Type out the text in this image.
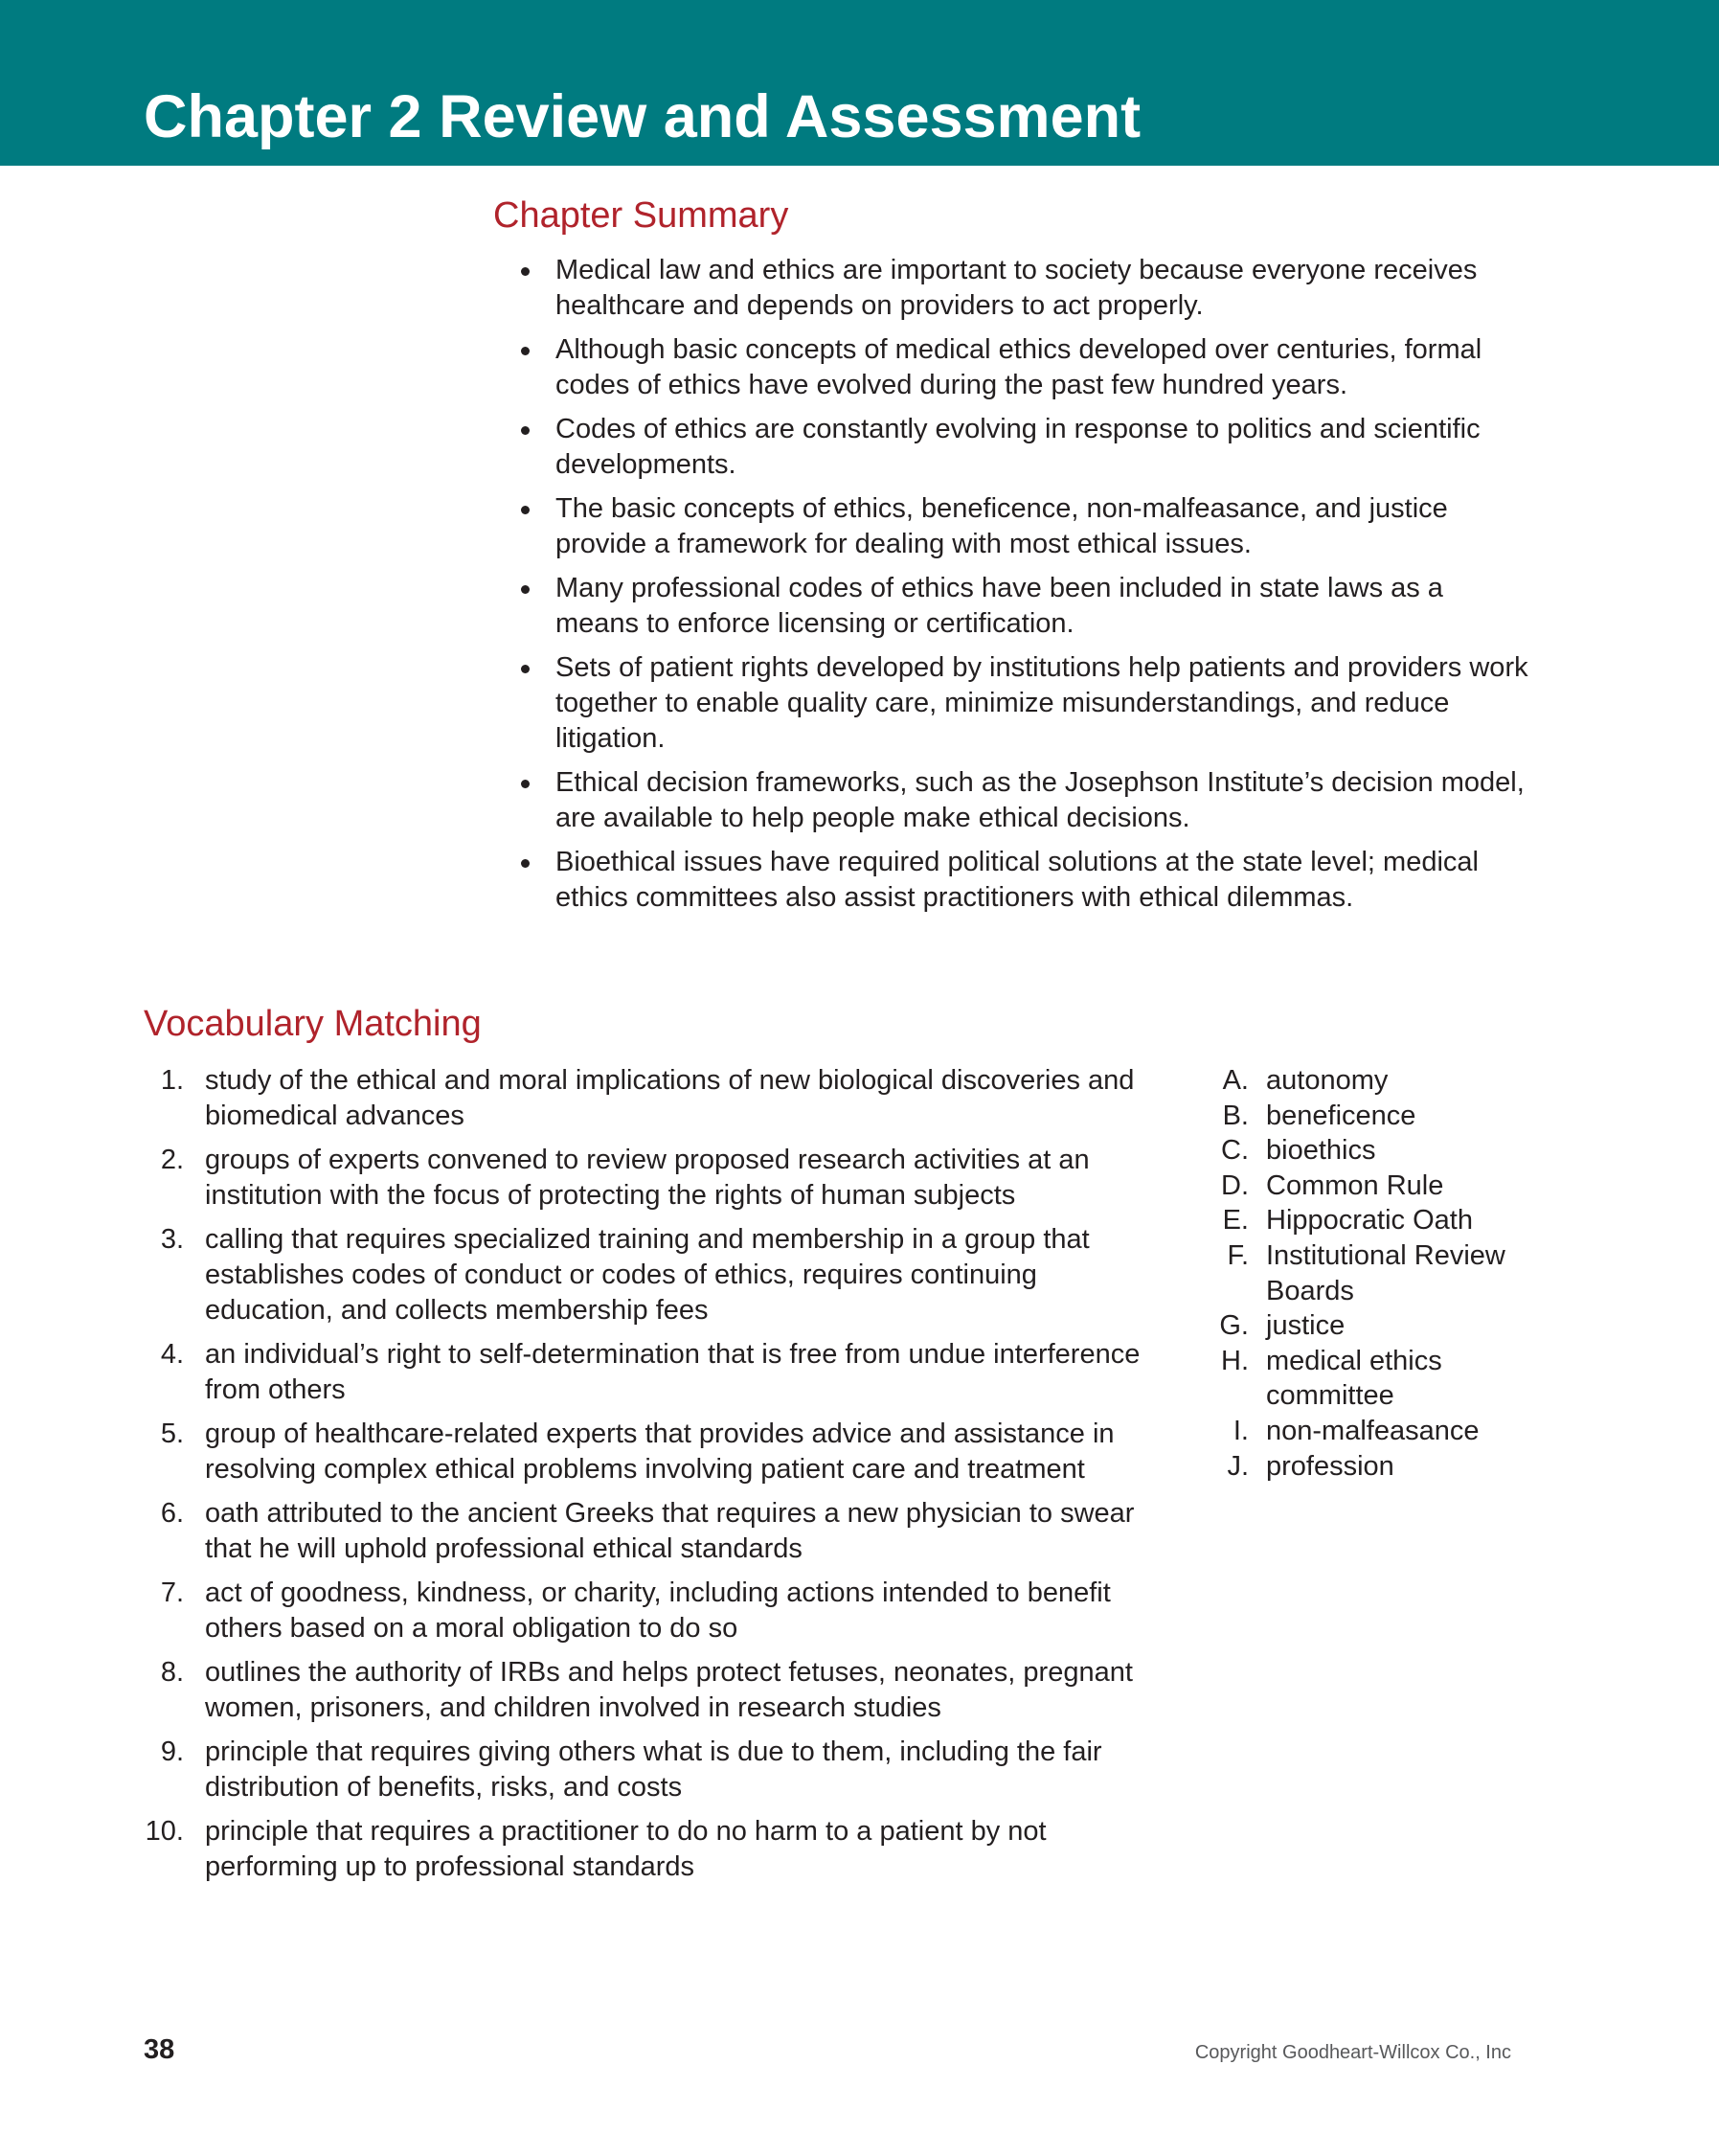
Chapter 2 Review and Assessment
Chapter Summary
Medical law and ethics are important to society because everyone receives healthcare and depends on providers to act properly.
Although basic concepts of medical ethics developed over centuries, formal codes of ethics have evolved during the past few hundred years.
Codes of ethics are constantly evolving in response to politics and scientific developments.
The basic concepts of ethics, beneficence, non-malfeasance, and justice provide a framework for dealing with most ethical issues.
Many professional codes of ethics have been included in state laws as a means to enforce licensing or certification.
Sets of patient rights developed by institutions help patients and providers work together to enable quality care, minimize misunderstandings, and reduce litigation.
Ethical decision frameworks, such as the Josephson Institute’s decision model, are available to help people make ethical decisions.
Bioethical issues have required political solutions at the state level; medical ethics committees also assist practitioners with ethical dilemmas.
Vocabulary Matching
1. study of the ethical and moral implications of new biological discoveries and biomedical advances
2. groups of experts convened to review proposed research activities at an institution with the focus of protecting the rights of human subjects
3. calling that requires specialized training and membership in a group that establishes codes of conduct or codes of ethics, requires continuing education, and collects membership fees
4. an individual’s right to self-determination that is free from undue interference from others
5. group of healthcare-related experts that provides advice and assistance in resolving complex ethical problems involving patient care and treatment
6. oath attributed to the ancient Greeks that requires a new physician to swear that he will uphold professional ethical standards
7. act of goodness, kindness, or charity, including actions intended to benefit others based on a moral obligation to do so
8. outlines the authority of IRBs and helps protect fetuses, neonates, pregnant women, prisoners, and children involved in research studies
9. principle that requires giving others what is due to them, including the fair distribution of benefits, risks, and costs
10. principle that requires a practitioner to do no harm to a patient by not performing up to professional standards
A. autonomy
B. beneficence
C. bioethics
D. Common Rule
E. Hippocratic Oath
F. Institutional Review Boards
G. justice
H. medical ethics committee
I. non-malfeasance
J. profession
38	Copyright Goodheart-Willcox Co., Inc
